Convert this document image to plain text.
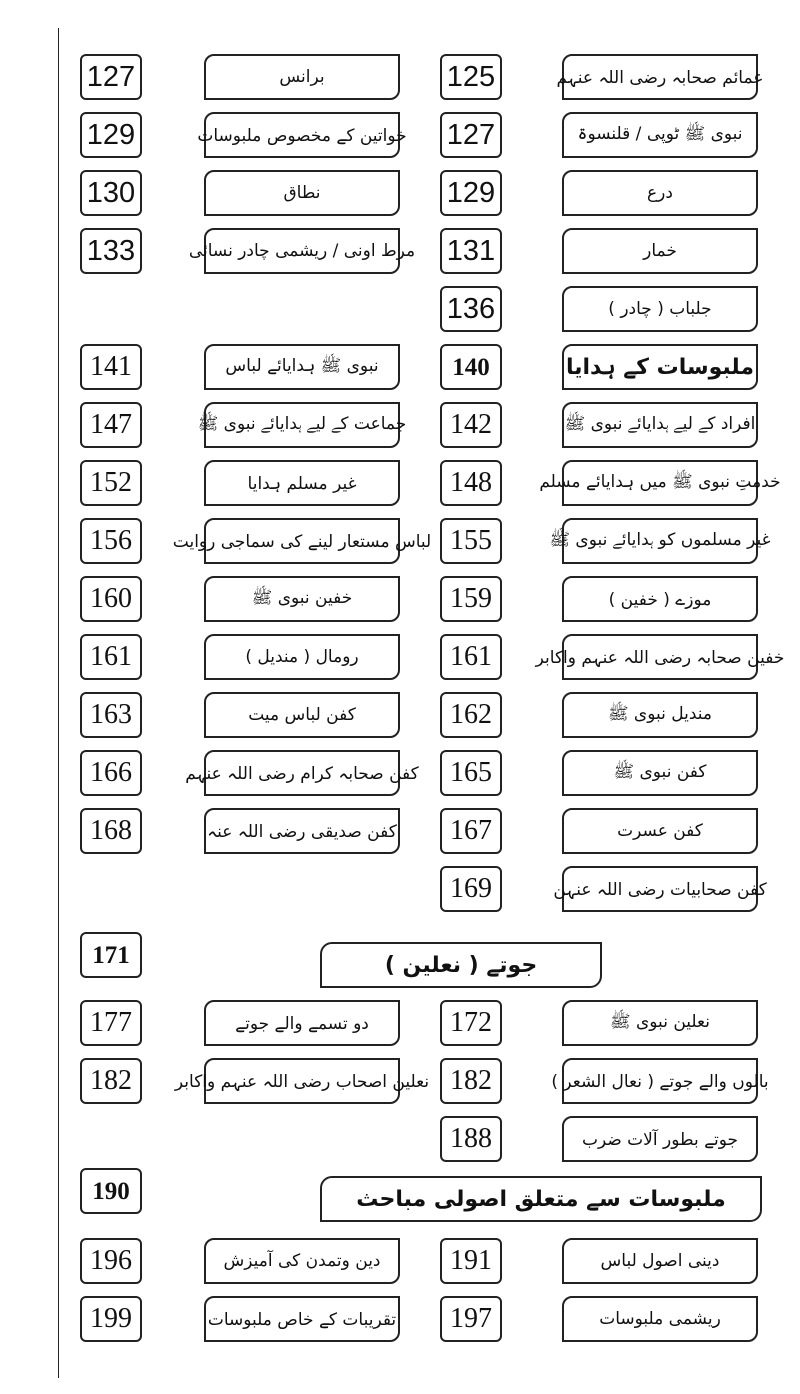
127	برانس	125	عمائم صحابہ رضی اللہ عنہم
129	خواتین کے مخصوص ملبوسات 127	نبوی ﷺ ٹوپی / قلنسوۃ
130	نطاق	129	درع
133	مرط اونی / ریشمی چادر نسائی 131	خمار
136	جلباب ( چادر )
141	نبوی ﷺ ہدایائے لباس	140	ملبوسات کے ہدایا
147	جماعت کے لیے ہدایائے نبوی ﷺ	142	افراد کے لیے ہدایائے نبوی ﷺ
152	غیر مسلم ہدایا	148	خدمتِ نبوی ﷺ میں ہدایائے مسلم
156	لباس مستعار لینے کی سماجی روایت 155	غیر مسلموں کو ہدایائے نبوی ﷺ
160	خفین نبوی ﷺ	159	موزے ( خفین )
161	رومال ( مندیل )	161	خفین صحابہ رضی اللہ عنہم واکابر
163	کفن لباس میت	162	مندیل نبوی ﷺ
166	کفن صحابہ کرام رضی اللہ عنہم	165	کفن نبوی ﷺ
168	کفن صدیقی رضی اللہ عنہ	167	کفن عسرت
169	کفن صحابیات رضی اللہ عنہن
171	جوتے ( نعلین )
177	دو تسمے والے جوتے	172	نعلین نبوی ﷺ
182	نعلین اصحاب رضی اللہ عنہم واکابر 182	بالوں والے جوتے ( نعال الشعر )
188	جوتے بطور آلات ضرب
190	ملبوسات سے متعلق اصولی مباحث
196	دین وتمدن کی آمیزش	191	دینی اصول لباس
199	تقریبات کے خاص ملبوسات	197	ریشمی ملبوسات
